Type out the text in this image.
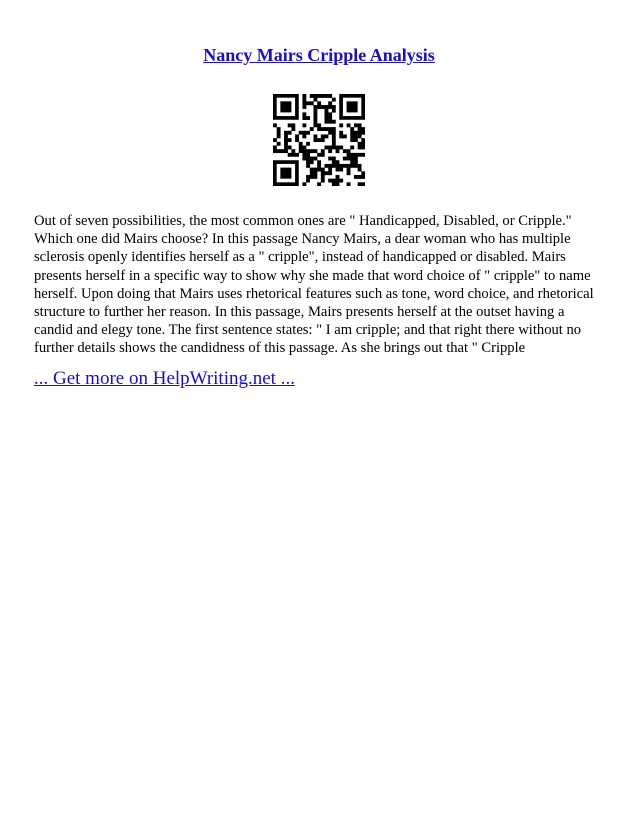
Nancy Mairs Cripple Analysis

Out of seven possibilities, the most common ones are " Handicapped, Disabled, or Cripple." Which one did Mairs choose? In this passage Nancy Mairs, a dear woman who has multiple sclerosis openly identifies herself as a " cripple", instead of handicapped or disabled. Mairs presents herself in a specific way to show why she made that word choice of " cripple" to name herself. Upon doing that Mairs uses rhetorical features such as tone, word choice, and rhetorical structure to further her reason. In this passage, Mairs presents herself at the outset having a candid and elegy tone. The first sentence states: " I am cripple; and that right there without no further details shows the candidness of this passage. As she brings out that " Cripple

... Get more on HelpWriting.net ...
